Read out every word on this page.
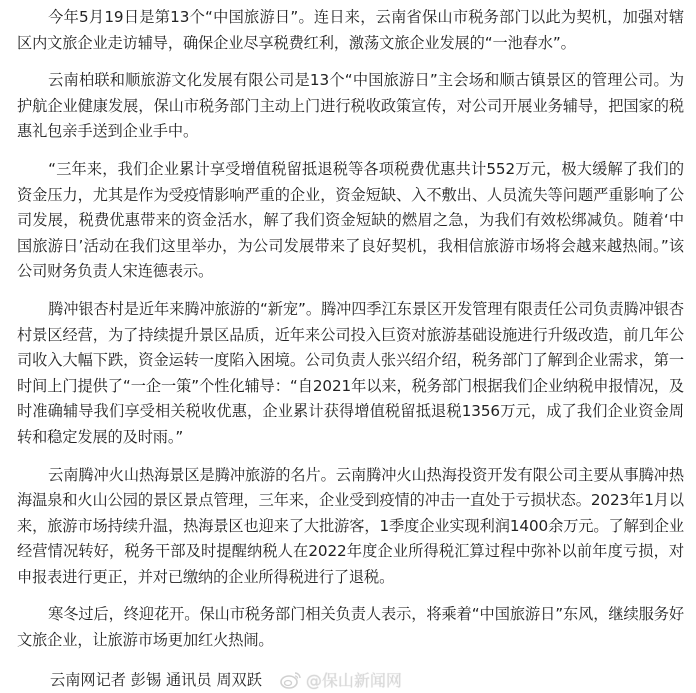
今年5月19日是第13个“中国旅游日”。连日来，云南省保山市税务部门以此为契机，加强对辖区内文旅企业走访辅导，确保企业尽享税费红利，激荡文旅企业发展的“一池春水”。

云南柏联和顺旅游文化发展有限公司是13个“中国旅游日”主会场和顺古镇景区的管理公司。为护航企业健康发展，保山市税务部门主动上门进行税收政策宣传，对公司开展业务辅导，把国家的税惠礼包亲手送到企业手中。

“三年来，我们企业累计享受增值税留抵退税等各项税费优惠共计552万元，极大缓解了我们的资金压力，尤其是作为受疫情影响严重的企业，资金短缺、入不敷出、人员流失等问题严重影响了公司发展，税费优惠带来的资金活水，解了我们资金短缺的燃眉之急，为我们有效松绑减负。随着‘中国旅游日’活动在我们这里举办，为公司发展带来了良好契机，我相信旅游市场将会越来越热闹。”该公司财务负责人宋连德表示。

腾冲银杏村是近年来腾冲旅游的“新宠”。腾冲四季江东景区开发管理有限责任公司负责腾冲银杏村景区经营，为了持续提升景区品质，近年来公司投入巨资对旅游基础设施进行升级改造，前几年公司收入大幅下跌，资金运转一度陷入困境。公司负责人张兴绍介绍，税务部门了解到企业需求，第一时间上门提供了“一企一策”个性化辅导：“自2021年以来，税务部门根据我们企业纳税申报情况，及时准确辅导我们享受相关税收优惠，企业累计获得增值税留抵退税1356万元，成了我们企业资金周转和稳定发展的及时雨。”

云南腾冲火山热海景区是腾冲旅游的名片。云南腾冲火山热海投资开发有限公司主要从事腾冲热海温泉和火山公园的景区景点管理，三年来，企业受到疫情的冲击一直处于亏损状态。2023年1月以来，旅游市场持续升温，热海景区也迎来了大批游客，1季度企业实现利润1400余万元。了解到企业经营情况转好，税务干部及时提醒纳税人在2022年度企业所得税汇算过程中弥补以前年度亏损，对申报表进行更正，并对已缴纳的企业所得税进行了退税。

寒冬过后，终迎花开。保山市税务部门相关负责人表示，将乘着“中国旅游日”东风，继续服务好文旅企业，让旅游市场更加红火热闹。

云南网记者 彭锡 通讯员 周双跃	@保山新闻网
